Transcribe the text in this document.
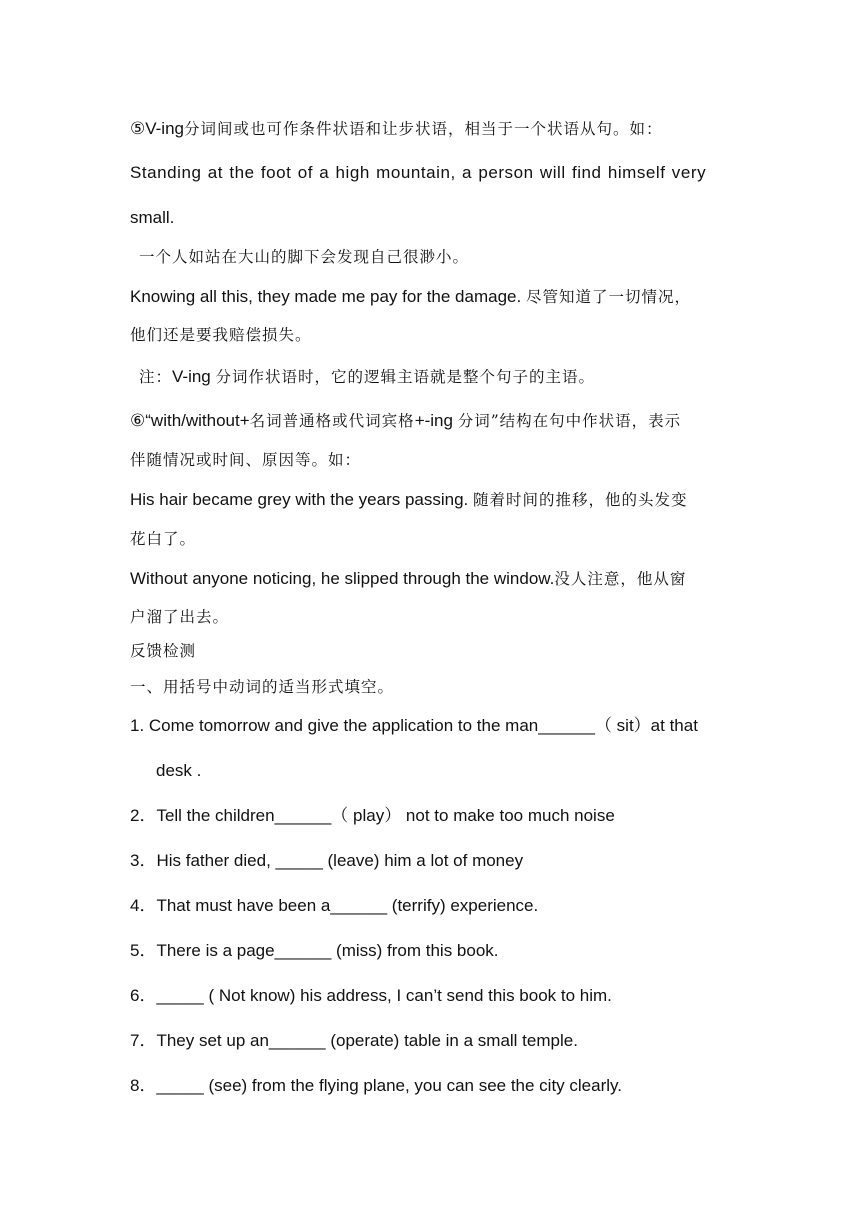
⑤V-ing分词间或也可作条件状语和让步状语，相当于一个状语从句。如：
Standing at the foot of a high mountain, a person will find himself very
small.
一个人如站在大山的脚下会发现自己很渺小。
Knowing all this, they made me pay for the damage. 尽管知道了一切情况，
他们还是要我赔偿损失。
注：V-ing 分词作状语时，它的逻辑主语就是整个句子的主语。
⑥“with/without+名词普通格或代词宾格+-ing 分词”结构在句中作状语，表示
伴随情况或时间、原因等。如：
His hair became grey with the years passing. 随着时间的推移，他的头发变
花白了。
Without anyone noticing, he slipped through the window.没人注意，他从窗
户溜了出去。
反馈检测
一、用括号中动词的适当形式填空。
1. Come tomorrow and give the application to the man______（ sit）at that
desk .
2．Tell the children______（ play） not to make too much noise
3．His father died, _____ (leave) him a lot of money
4．That must have been a______ (terrify) experience.
5．There is a page______ (miss) from this book.
6．_____ ( Not know) his address, I can’t send this book to him.
7．They set up an______ (operate) table in a small temple.
8．_____ (see) from the flying plane, you can see the city clearly.
